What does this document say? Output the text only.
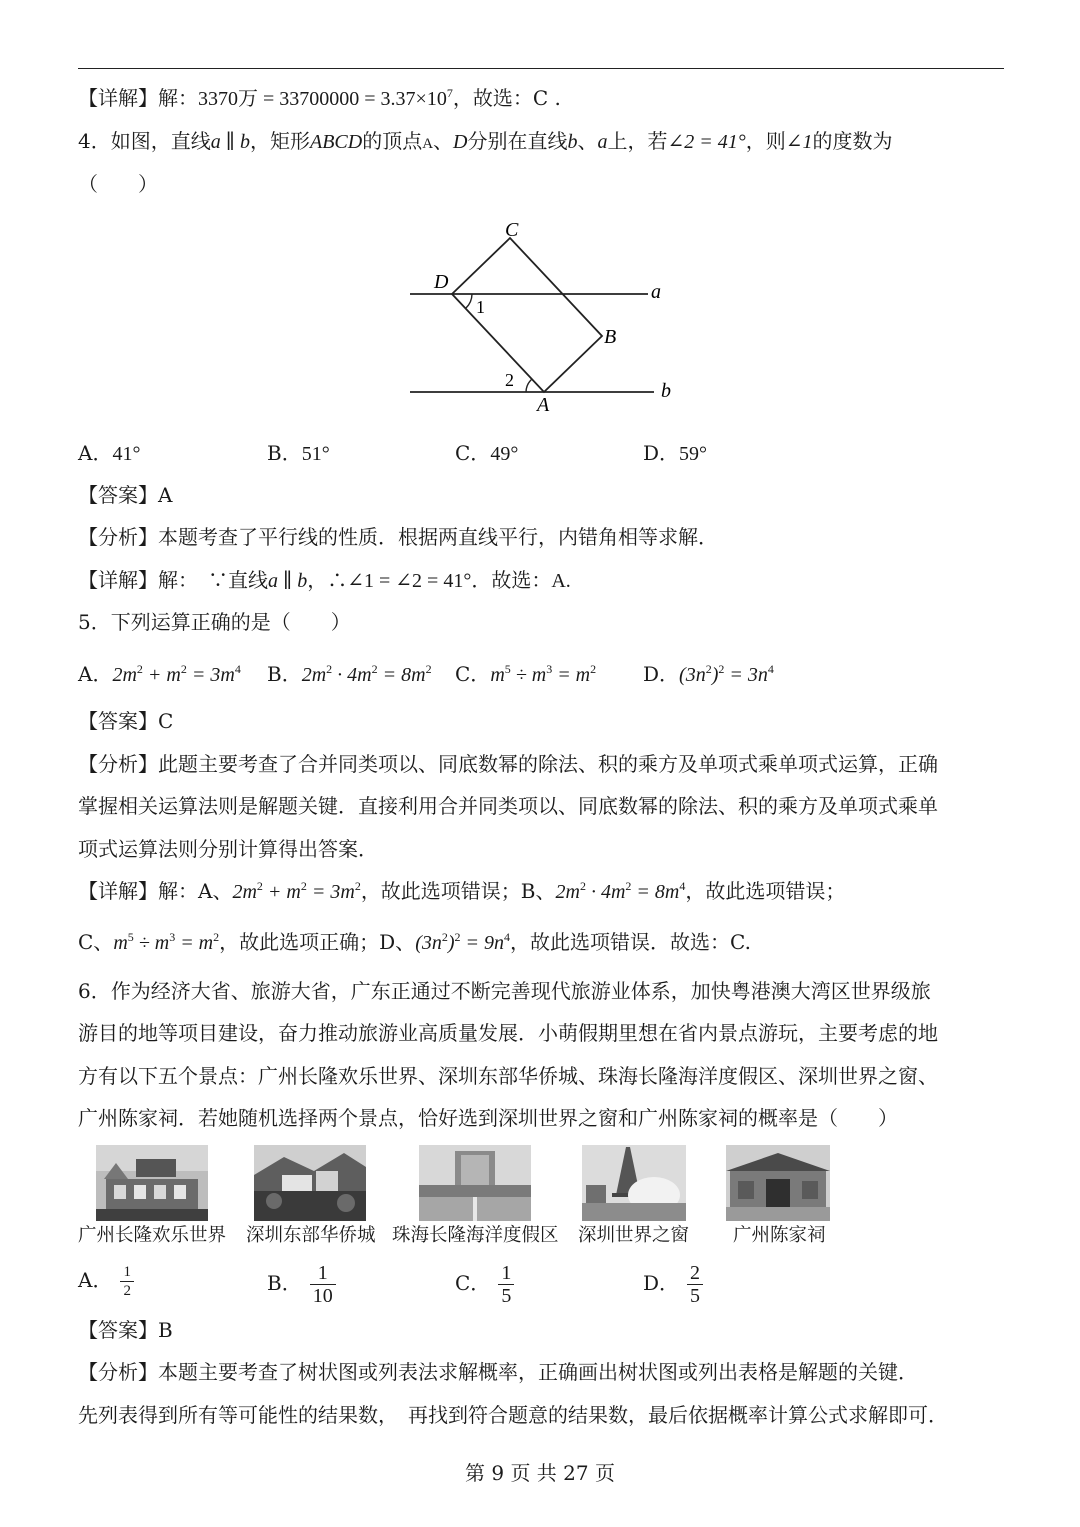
【详解】解：3370万 = $33700000 = 3.37\times 10^7$，故选：C .
4．如图，直线a ∥ b，矩形ABCD的顶点A、D分别在直线b、a上，若∠2 = 41°，则∠1的度数为
（　　）
C
D
B
A
a
b
1
2
A．41°	B．51°	C．49°	D．59°
【答案】A
【分析】本题考查了平行线的性质．根据两直线平行，内错角相等求解．
【详解】解：　∵直线a ∥ b，∴∠1 = ∠2 = 41°．故选：A.
5．下列运算正确的是（　　）
A．$2m^2 + m^2 = 3m^4$ B．$2m^2 \cdot 4m^2 = 8m^2$ C．$m^5 \div m^3 = m^2$ D．$(3n^2)^2 = 3n^4$
【答案】C
【分析】此题主要考查了合并同类项以、同底数幂的除法、积的乘方及单项式乘单项式运算，正确
掌握相关运算法则是解题关键．直接利用合并同类项以、同底数幂的除法、积的乘方及单项式乘单
项式运算法则分别计算得出答案．
【详解】解：A、$2m^2 + m^2 = 3m^2$，故此选项错误；B、$2m^2 \cdot 4m^2 = 8m^4$，故此选项错误；
C、$m^5 \div m^3 = m^2$，故此选项正确；D、$(3n^2)^2 = 9n^4$，故此选项错误．故选：C.
6．作为经济大省、旅游大省，广东正通过不断完善现代旅游业体系，加快粤港澳大湾区世界级旅
游目的地等项目建设，奋力推动旅游业高质量发展．小萌假期里想在省内景点游玩，主要考虑的地
方有以下五个景点：广州长隆欢乐世界、深圳东部华侨城、珠海长隆海洋度假区、深圳世界之窗、
广州陈家祠．若她随机选择两个景点，恰好选到深圳世界之窗和广州陈家祠的概率是（　　）
广州长隆欢乐世界 深圳东部华侨城 珠海长隆海洋度假区 深圳世界之窗 广州陈家祠
A． $\frac{1}{2}$	B． $\frac{1}{10}$	C． $\frac{1}{5}$	D． $\frac{2}{5}$
【答案】B
【分析】本题主要考查了树状图或列表法求解概率，正确画出树状图或列出表格是解题的关键．
先列表得到所有等可能性的结果数，　再找到符合题意的结果数，最后依据概率计算公式求解即可．
第 9 页 共 27 页
